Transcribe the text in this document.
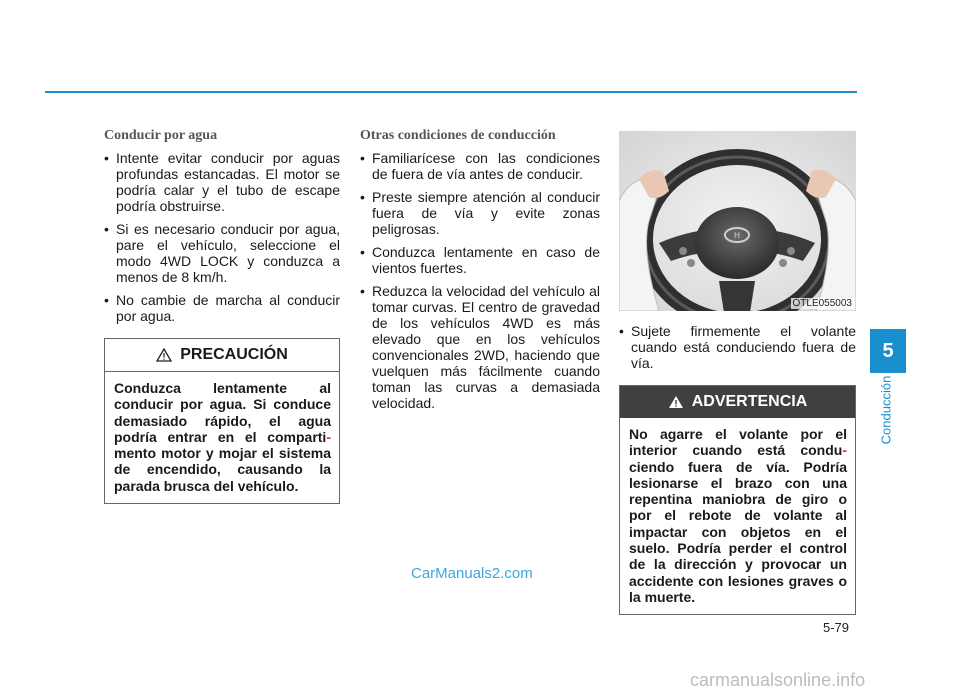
Conducir por agua
• Intente evitar conducir por aguas profundas estancadas. El motor se podría calar y el tubo de escape podría obstruirse.
• Si es necesario conducir por agua, pare el vehículo, seleccione el modo 4WD LOCK y conduzca a menos de 8 km/h.
• No cambie de marcha al conducir por agua.
PRECAUCIÓN
Conduzca lentamente al conducir por agua. Si conduce demasiado rápido, el agua podría entrar en el comparti-mento motor y mojar el sistema de encendido, causando la parada brusca del vehículo.
Otras condiciones de conducción
• Familiarícese con las condiciones de fuera de vía antes de conducir.
• Preste siempre atención al conducir fuera de vía y evite zonas peligrosas.
• Conduzca lentamente en caso de vientos fuertes.
• Reduzca la velocidad del vehículo al tomar curvas. El centro de gravedad de los vehículos 4WD es más elevado que en los vehículos convencionales 2WD, haciendo que vuelquen más fácilmente cuando toman las curvas a demasiada velocidad.
H
OTLE055003
• Sujete firmemente el volante cuando está conduciendo fuera de vía.
ADVERTENCIA
No agarre el volante por el interior cuando está condu-ciendo fuera de vía. Podría lesionarse el brazo con una repentina maniobra de giro o por el rebote de volante al impactar con objetos en el suelo. Podría perder el control de la dirección y provocar un accidente con lesiones graves o la muerte.
5
Conducción
5-79
CarManuals2.com
carmanualsonline.info
